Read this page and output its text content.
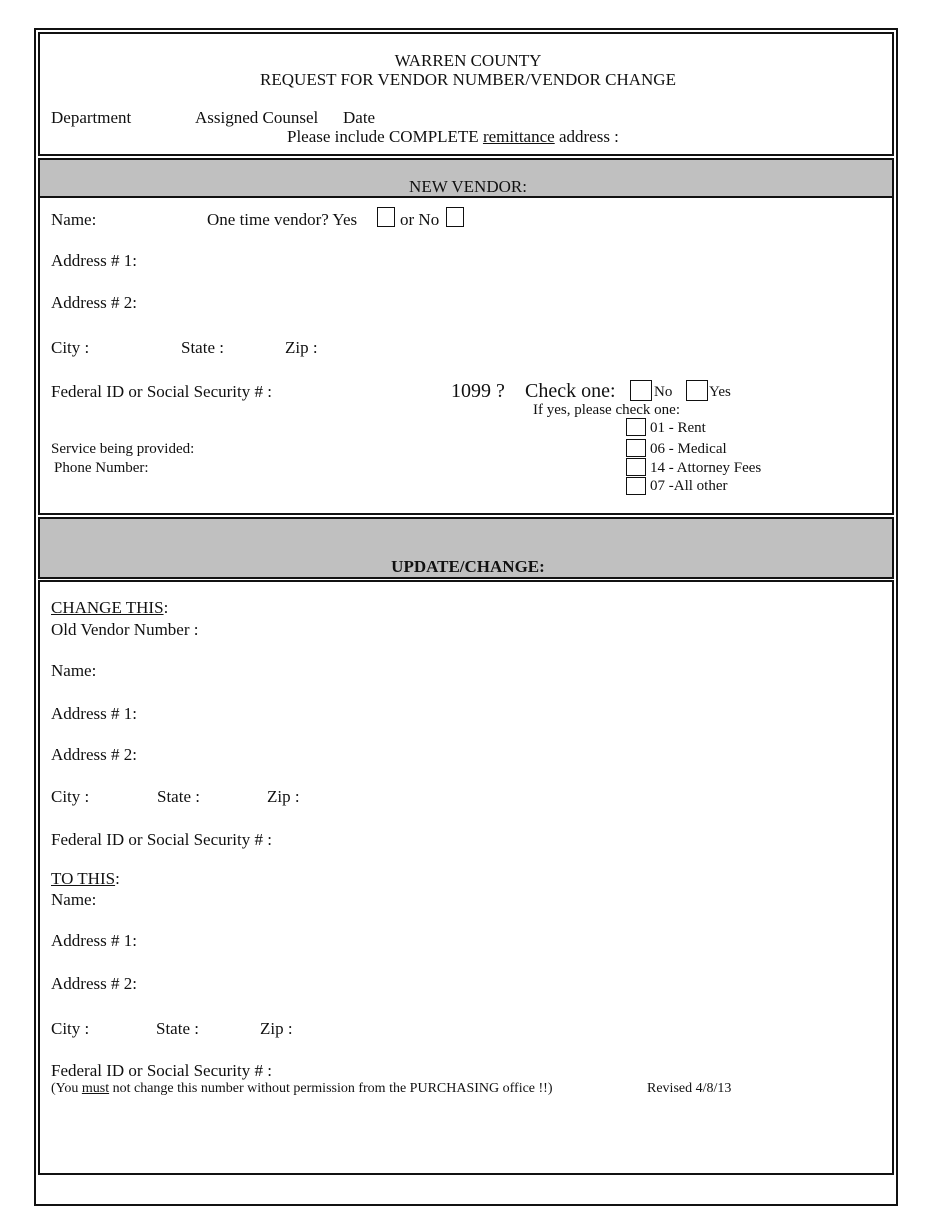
WARREN COUNTY
REQUEST FOR VENDOR NUMBER/VENDOR CHANGE
Department	Assigned Counsel Date
Please include COMPLETE remittance address :
NEW VENDOR:
Name:	One time vendor? Yes	or No
Address # 1:
Address # 2:
City :	State :	Zip :
Federal ID or Social Security # :	1099 ? Check one:	No Yes
If yes, please check one:
01 - Rent
06 - Medical
14 - Attorney Fees
07 -All other
Service being provided:
Phone Number:
UPDATE/CHANGE:
CHANGE THIS:
Old Vendor Number :
Name:
Address # 1:
Address # 2:
City :	State :	Zip :
Federal ID or Social Security # :
TO THIS:
Name:
Address # 1:
Address # 2:
City :	State :	Zip :
Federal ID or Social Security # :
(You must not change this number without permission from the PURCHASING office !!)	Revised 4/8/13
